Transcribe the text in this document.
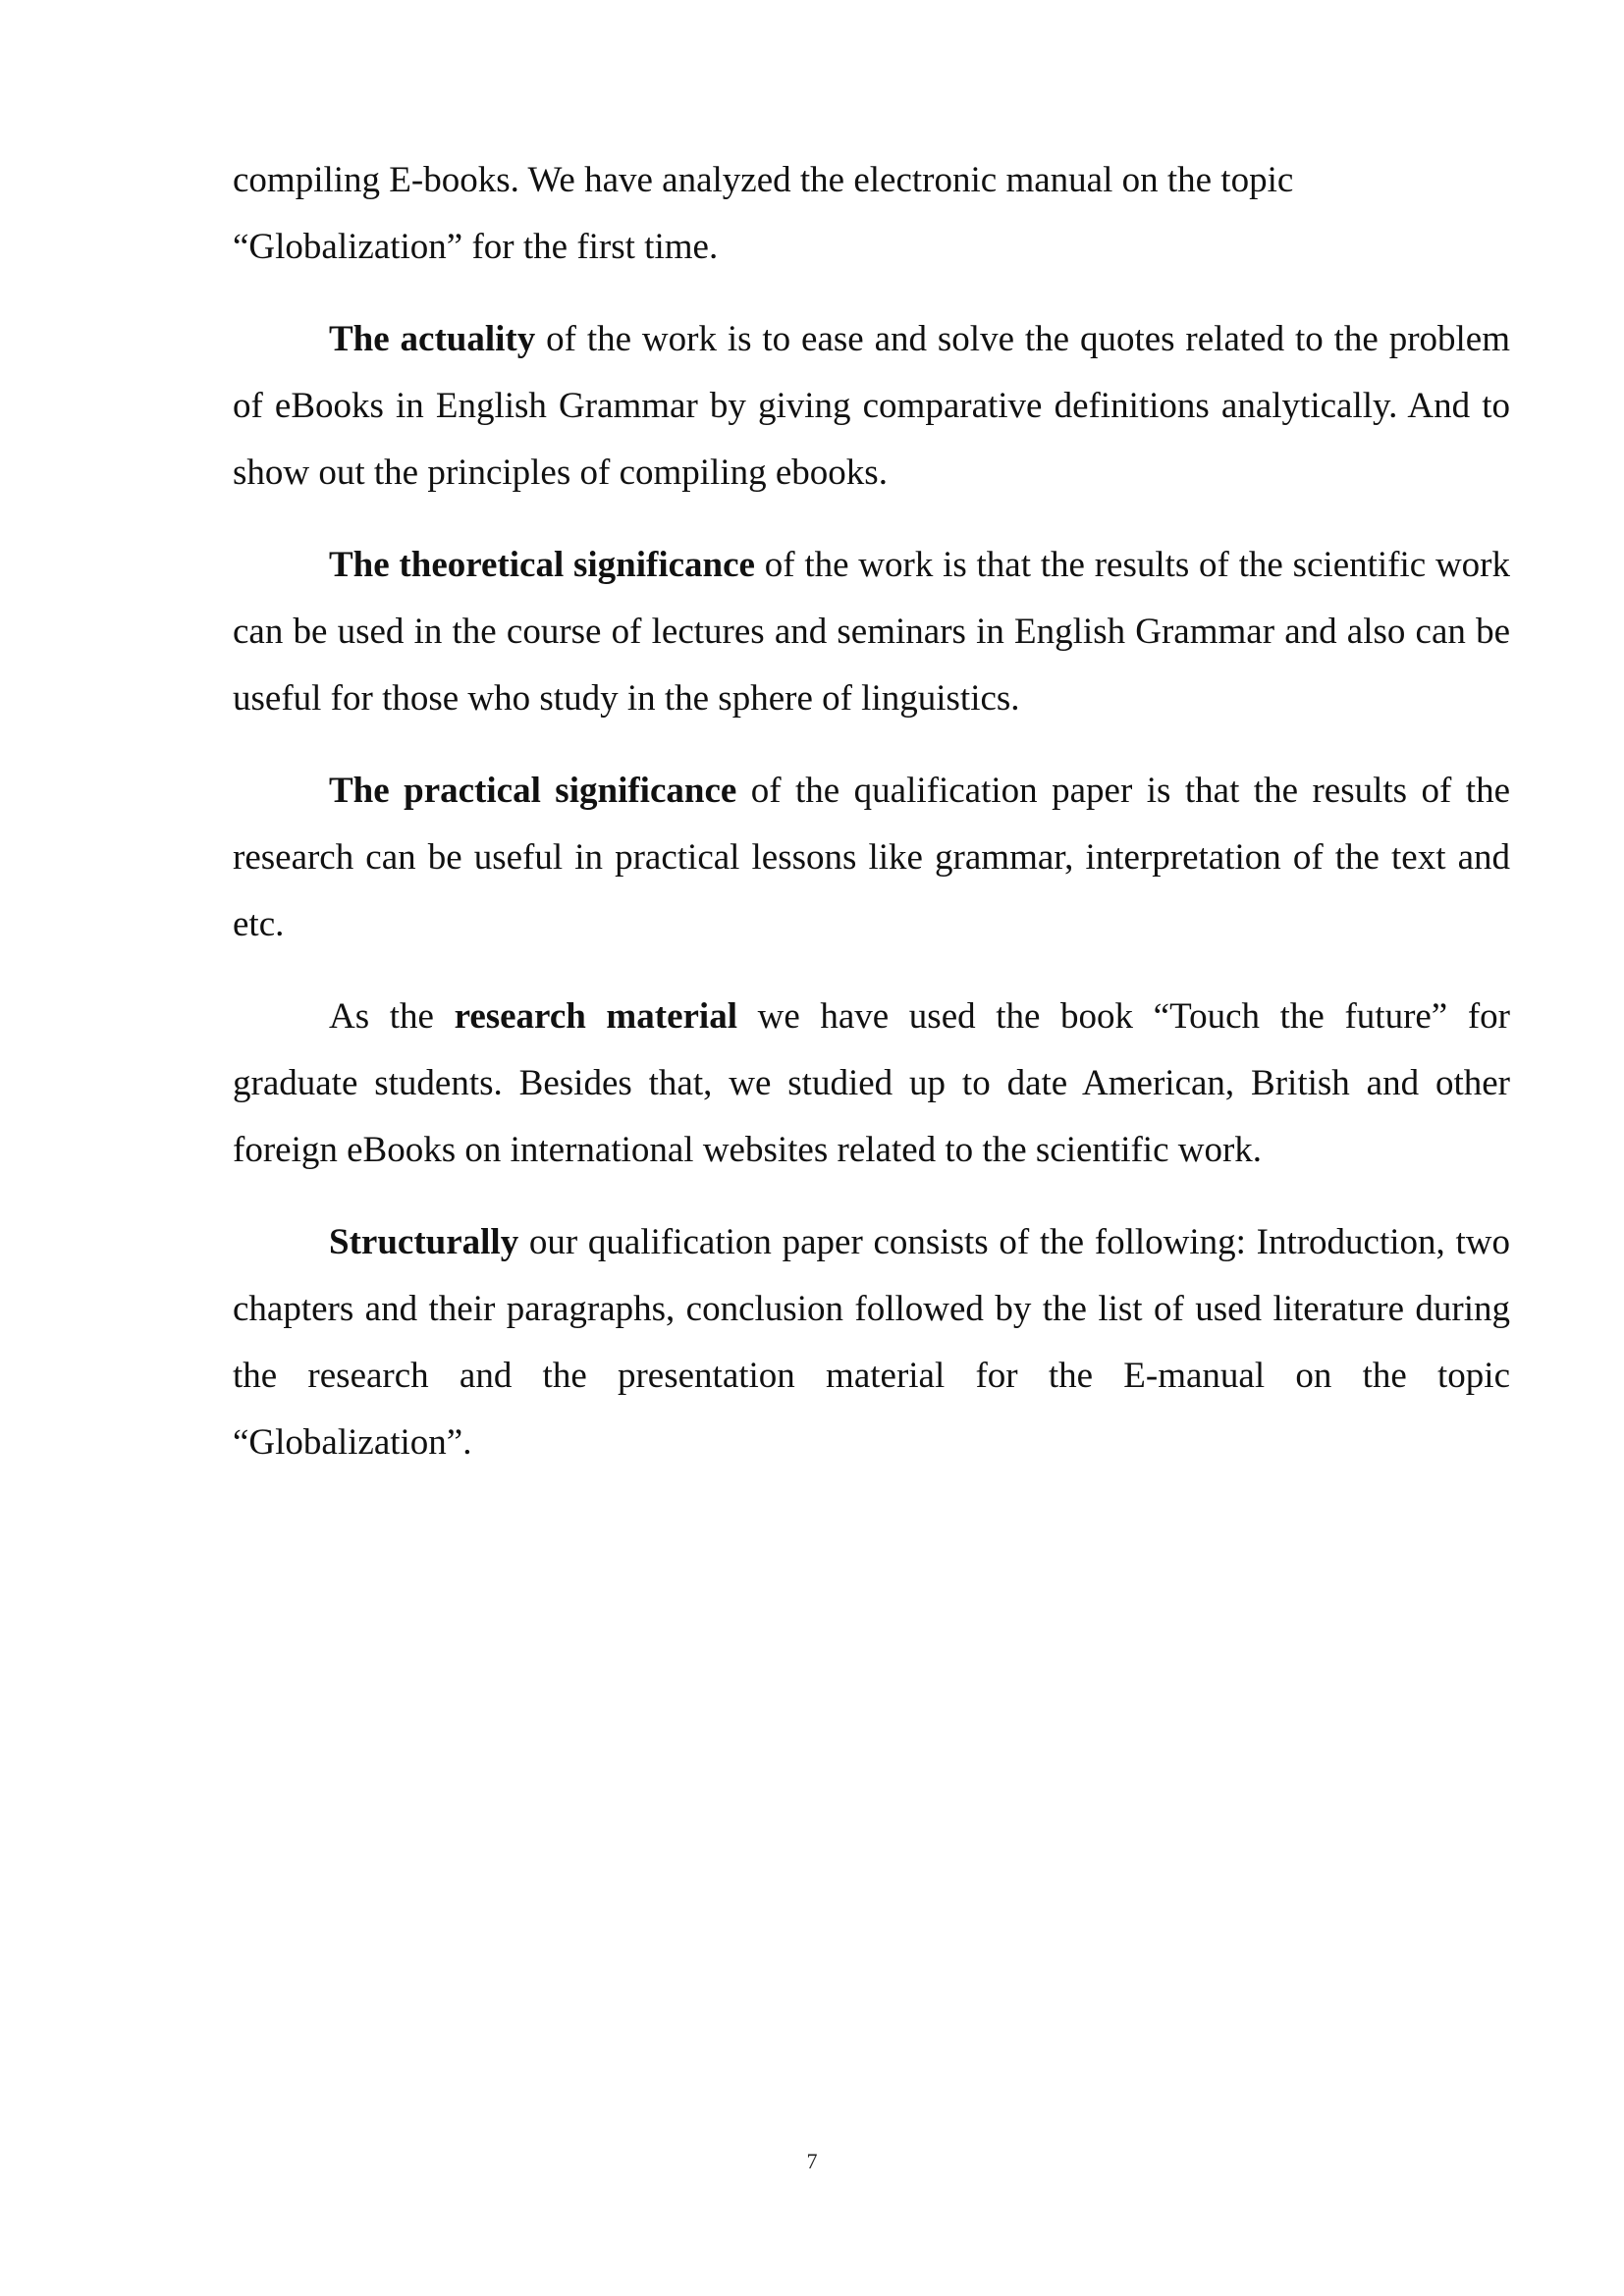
compiling E-books. We have analyzed the electronic manual on the topic “Globalization” for the first time.

The actuality of the work is to ease and solve the quotes related to the problem of eBooks in English Grammar by giving comparative definitions analytically. And to show out the principles of compiling ebooks.

The theoretical significance of the work is that the results of the scientific work can be used in the course of lectures and seminars in English Grammar and also can be useful for those who study in the sphere of linguistics.

The practical significance of the qualification paper is that the results of the research can be useful in practical lessons like grammar, interpretation of the text and etc.

As the research material we have used the book “Touch the future” for graduate students. Besides that, we studied up to date American, British and other foreign eBooks on international websites related to the scientific work.

Structurally our qualification paper consists of the following: Introduction, two chapters and their paragraphs, conclusion followed by the list of used literature during the research and the presentation material for the E-manual on the topic “Globalization”.

7
